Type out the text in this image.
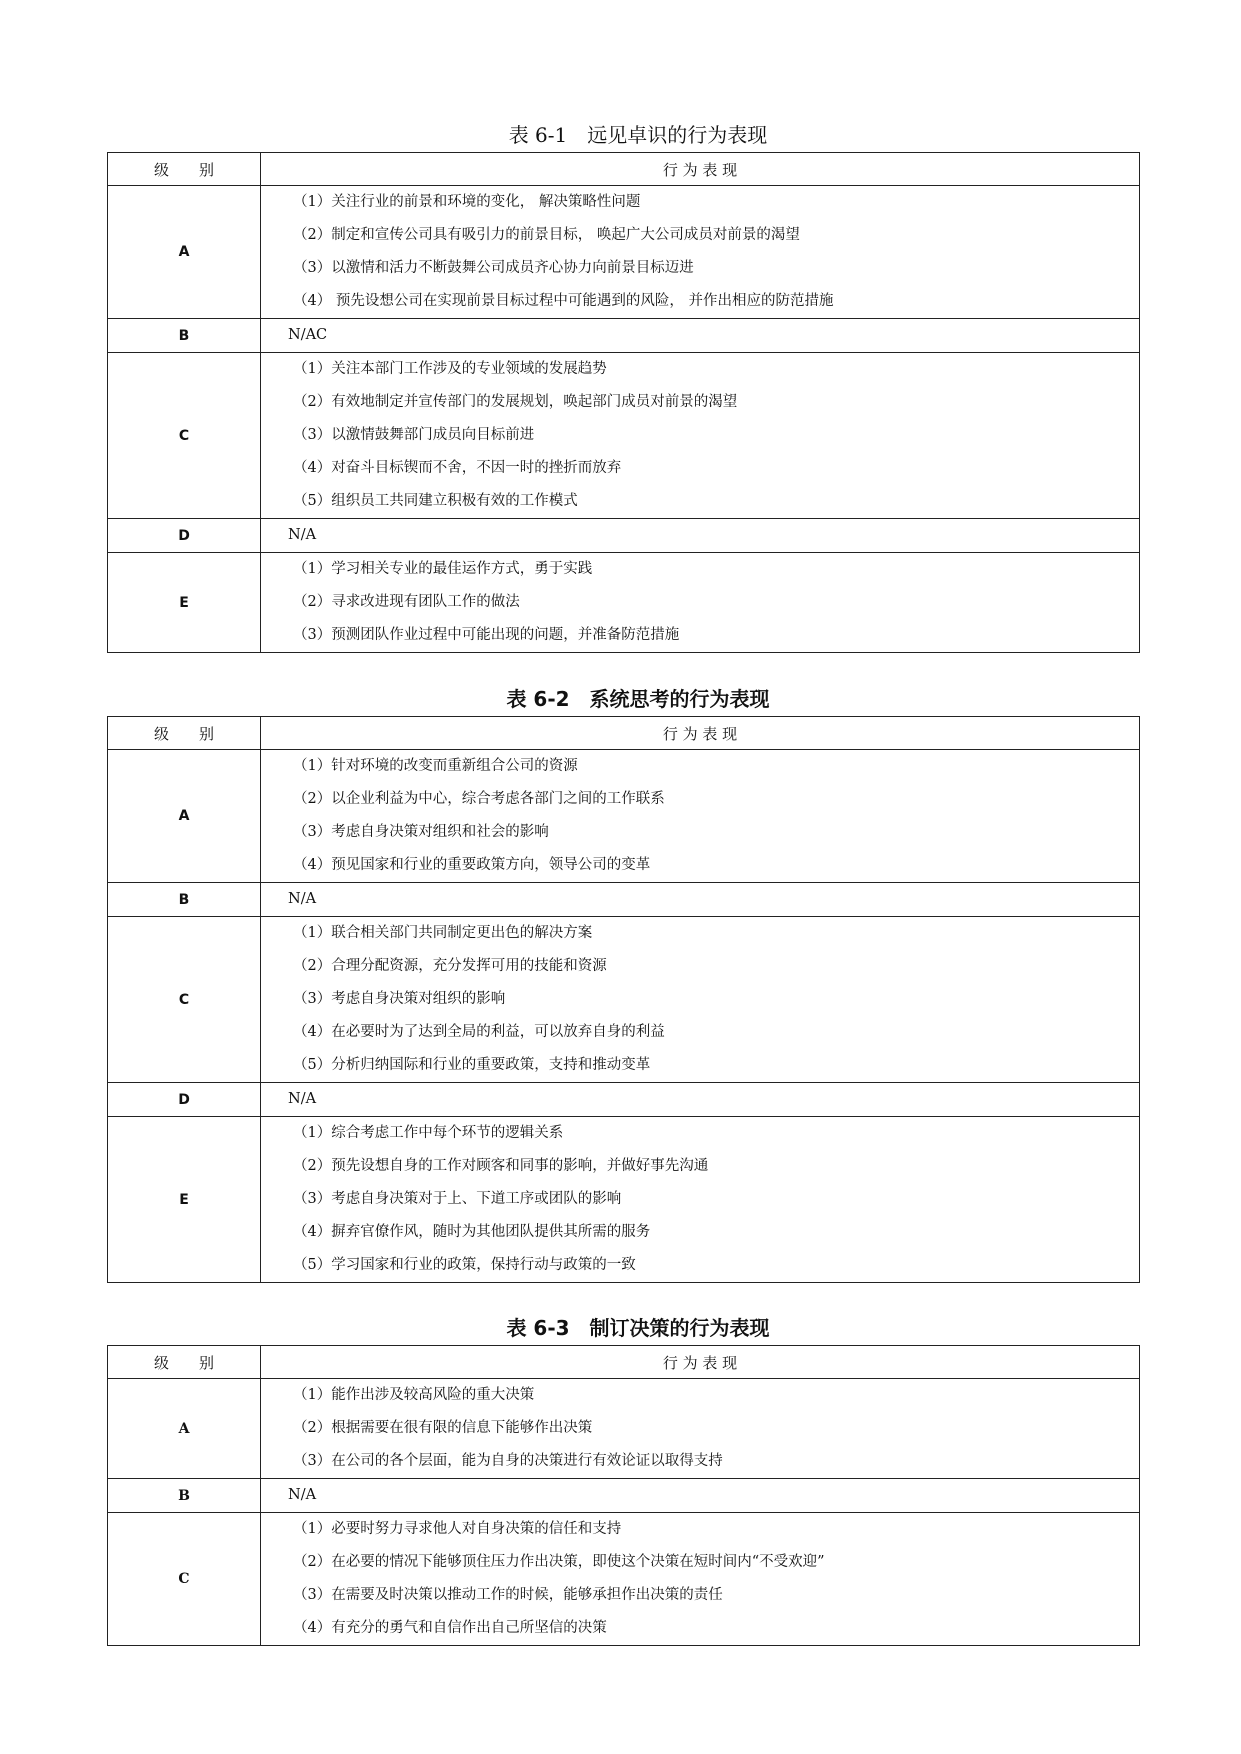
表 6-1　远见卓识的行为表现
级　　别	行 为 表 现
A	（1）关注行业的前景和环境的变化， 解决策略性问题
（2）制定和宣传公司具有吸引力的前景目标， 唤起广大公司成员对前景的渴望
（3）以激情和活力不断鼓舞公司成员齐心协力向前景目标迈进
（4） 预先设想公司在实现前景目标过程中可能遇到的风险， 并作出相应的防范措施

B	N/AC
C	（1）关注本部门工作涉及的专业领域的发展趋势
（2）有效地制定并宣传部门的发展规划，唤起部门成员对前景的渴望
（3）以激情鼓舞部门成员向目标前进
（4）对奋斗目标锲而不舍，不因一时的挫折而放弃
（5）组织员工共同建立积极有效的工作模式

D	N/A
E	（1）学习相关专业的最佳运作方式，勇于实践
（2）寻求改进现有团队工作的做法
（3）预测团队作业过程中可能出现的问题，并准备防范措施
表 6-2　系统思考的行为表现
级　　别	行 为 表 现
A	（1）针对环境的改变而重新组合公司的资源
（2）以企业利益为中心，综合考虑各部门之间的工作联系
（3）考虑自身决策对组织和社会的影响
（4）预见国家和行业的重要政策方向，领导公司的变革

B	N/A
C	（1）联合相关部门共同制定更出色的解决方案
（2）合理分配资源，充分发挥可用的技能和资源
（3）考虑自身决策对组织的影响
（4）在必要时为了达到全局的利益，可以放弃自身的利益
（5）分析归纳国际和行业的重要政策，支持和推动变革

D	N/A
E	（1）综合考虑工作中每个环节的逻辑关系
（2）预先设想自身的工作对顾客和同事的影响，并做好事先沟通
（3）考虑自身决策对于上、下道工序或团队的影响
（4）摒弃官僚作风，随时为其他团队提供其所需的服务
（5）学习国家和行业的政策，保持行动与政策的一致
表 6-3　制订决策的行为表现
级　　别	行 为 表 现
A	（1）能作出涉及较高风险的重大决策
（2）根据需要在很有限的信息下能够作出决策
（3）在公司的各个层面，能为自身的决策进行有效论证以取得支持

B	N/A
C	（1）必要时努力寻求他人对自身决策的信任和支持
（2）在必要的情况下能够顶住压力作出决策，即使这个决策在短时间内“不受欢迎”
（3）在需要及时决策以推动工作的时候，能够承担作出决策的责任
（4）有充分的勇气和自信作出自己所坚信的决策
